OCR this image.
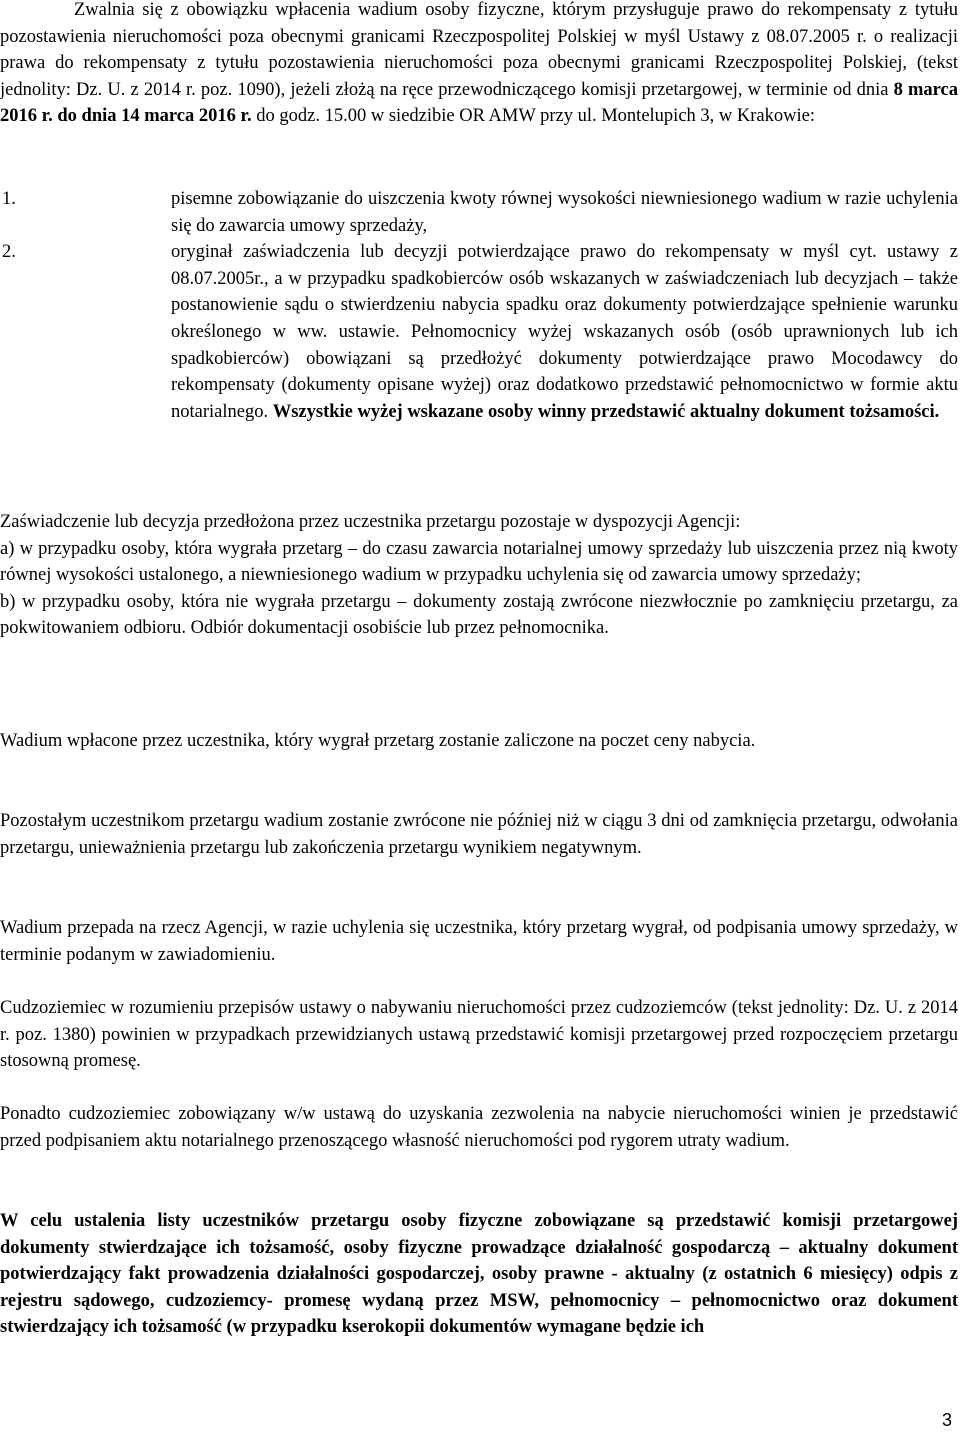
Zwalnia się z obowiązku wpłacenia wadium osoby fizyczne, którym przysługuje prawo do rekompensaty z tytułu pozostawienia nieruchomości poza obecnymi granicami Rzeczpospolitej Polskiej w myśl Ustawy z 08.07.2005 r. o realizacji prawa do rekompensaty z tytułu pozostawienia nieruchomości poza obecnymi granicami Rzeczpospolitej Polskiej, (tekst jednolity: Dz. U. z 2014 r. poz. 1090), jeżeli złożą na ręce przewodniczącego komisji przetargowej, w terminie od dnia 8 marca 2016 r. do dnia 14 marca 2016 r. do godz. 15.00 w siedzibie OR AMW przy ul. Montelupich 3, w Krakowie:

1.	pisemne zobowiązanie do uiszczenia kwoty równej wysokości niewniesionego wadium w razie uchylenia się do zawarcia umowy sprzedaży,

2.	oryginał zaświadczenia lub decyzji potwierdzające prawo do rekompensaty w myśl cyt. ustawy z 08.07.2005r., a w przypadku spadkobierców osób wskazanych w zaświadczeniach lub decyzjach – także postanowienie sądu o stwierdzeniu nabycia spadku oraz dokumenty potwierdzające spełnienie warunku określonego w ww. ustawie. Pełnomocnicy wyżej wskazanych osób (osób uprawnionych lub ich spadkobierców) obowiązani są przedłożyć dokumenty potwierdzające prawo Mocodawcy do rekompensaty (dokumenty opisane wyżej) oraz dodatkowo przedstawić pełnomocnictwo w formie aktu notarialnego. Wszystkie wyżej wskazane osoby winny przedstawić aktualny dokument tożsamości.

Zaświadczenie lub decyzja przedłożona przez uczestnika przetargu pozostaje w dyspozycji Agencji:

a) w przypadku osoby, która wygrała przetarg – do czasu zawarcia notarialnej umowy sprzedaży lub uiszczenia przez nią kwoty równej wysokości ustalonego, a niewniesionego wadium w przypadku uchylenia się od zawarcia umowy sprzedaży;

b) w przypadku osoby, która nie wygrała przetargu – dokumenty zostają zwrócone niezwłocznie po zamknięciu przetargu, za pokwitowaniem odbioru. Odbiór dokumentacji osobiście lub przez pełnomocnika.

Wadium wpłacone przez uczestnika, który wygrał przetarg zostanie zaliczone na poczet ceny nabycia.

Pozostałym uczestnikom przetargu wadium zostanie zwrócone nie później niż w ciągu 3 dni od zamknięcia przetargu, odwołania przetargu, unieważnienia przetargu lub zakończenia przetargu wynikiem negatywnym.

Wadium przepada na rzecz Agencji, w razie uchylenia się uczestnika, który przetarg wygrał, od podpisania umowy sprzedaży, w terminie podanym w zawiadomieniu.

Cudzoziemiec w rozumieniu przepisów ustawy o nabywaniu nieruchomości przez cudzoziemców (tekst jednolity: Dz. U. z 2014 r. poz. 1380) powinien w przypadkach przewidzianych ustawą przedstawić komisji przetargowej przed rozpoczęciem przetargu stosowną promesę.

Ponadto cudzoziemiec zobowiązany w/w ustawą do uzyskania zezwolenia na nabycie nieruchomości winien je przedstawić przed podpisaniem aktu notarialnego przenoszącego własność nieruchomości pod rygorem utraty wadium.

W celu ustalenia listy uczestników przetargu osoby fizyczne zobowiązane są przedstawić komisji przetargowej dokumenty stwierdzające ich tożsamość, osoby fizyczne prowadzące działalność gospodarczą – aktualny dokument potwierdzający fakt prowadzenia działalności gospodarczej, osoby prawne - aktualny (z ostatnich 6 miesięcy) odpis z rejestru sądowego, cudzoziemcy- promesę wydaną przez MSW, pełnomocnicy – pełnomocnictwo oraz dokument stwierdzający ich tożsamość (w przypadku kserokopii dokumentów wymagane będzie ich

3
